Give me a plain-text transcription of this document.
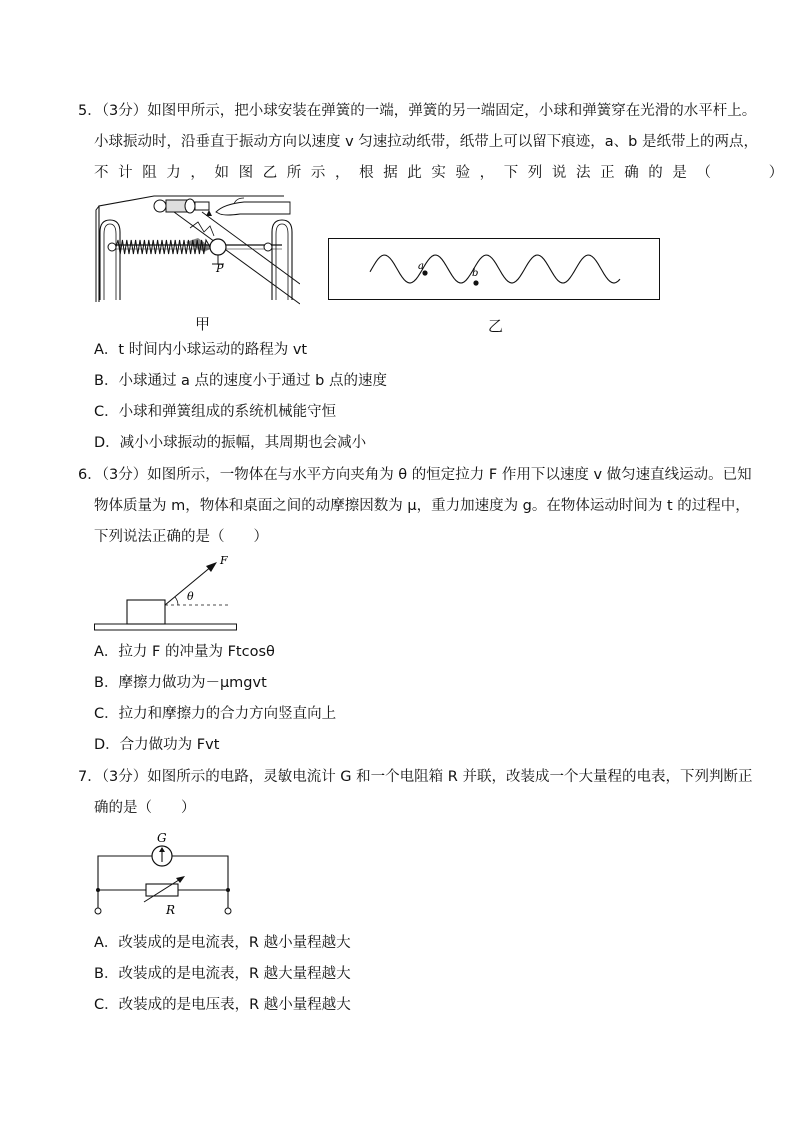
5．（3分）如图甲所示，把小球安装在弹簧的一端，弹簧的另一端固定，小球和弹簧穿在光滑的水平杆上。
小球振动时，沿垂直于振动方向以速度 v 匀速拉动纸带，纸带上可以留下痕迹，a、b 是纸带上的两点，
不计阻力，如图乙所示，根据此实验，下列说法正确的是（　　）
P
甲
a
b
乙
A．t 时间内小球运动的路程为 vt
B．小球通过 a 点的速度小于通过 b 点的速度
C．小球和弹簧组成的系统机械能守恒
D．减小小球振动的振幅，其周期也会减小
6．（3分）如图所示，一物体在与水平方向夹角为 θ 的恒定拉力 F 作用下以速度 v 做匀速直线运动。已知
物体质量为 m，物体和桌面之间的动摩擦因数为 μ，重力加速度为 g。在物体运动时间为 t 的过程中，
下列说法正确的是（　　）
F
θ
A．拉力 F 的冲量为 Ftcosθ
B．摩擦力做功为－μmgvt
C．拉力和摩擦力的合力方向竖直向上
D．合力做功为 Fvt
7．（3分）如图所示的电路，灵敏电流计 G 和一个电阻箱 R 并联，改装成一个大量程的电表，下列判断正
确的是（　　）
G
R
A．改装成的是电流表，R 越小量程越大
B．改装成的是电流表，R 越大量程越大
C．改装成的是电压表，R 越小量程越大
